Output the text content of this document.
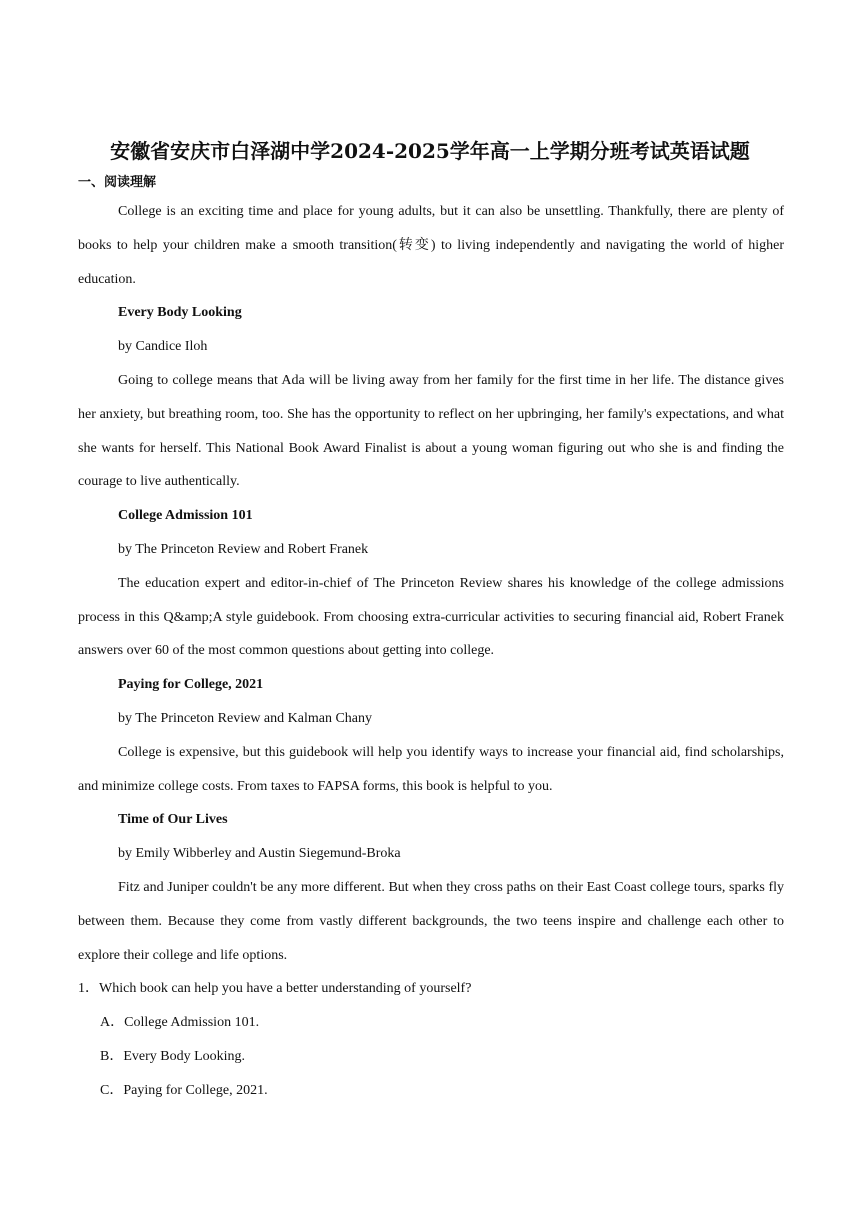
安徽省安庆市白泽湖中学2024-2025学年高一上学期分班考试英语试题
一、阅读理解

College is an exciting time and place for young adults, but it can also be unsettling. Thankfully, there are plenty of books to help your children make a smooth transition(转变) to living independently and navigating the world of higher education.

Every Body Looking

by Candice Iloh

Going to college means that Ada will be living away from her family for the first time in her life. The distance gives her anxiety, but breathing room, too. She has the opportunity to reflect on her upbringing, her family's expectations, and what she wants for herself. This National Book Award Finalist is about a young woman figuring out who she is and finding the courage to live authentically.

College Admission 101

by The Princeton Review and Robert Franek

The education expert and editor-in-chief of The Princeton Review shares his knowledge of the college admissions process in this Q&amp;A style guidebook. From choosing extra-curricular activities to securing financial aid, Robert Franek answers over 60 of the most common questions about getting into college.

Paying for College, 2021

by The Princeton Review and Kalman Chany

College is expensive, but this guidebook will help you identify ways to increase your financial aid, find scholarships, and minimize college costs. From taxes to FAPSA forms, this book is helpful to you.

Time of Our Lives

by Emily Wibberley and Austin Siegemund-Broka

Fitz and Juniper couldn't be any more different. But when they cross paths on their East Coast college tours, sparks fly between them. Because they come from vastly different backgrounds, the two teens inspire and challenge each other to explore their college and life options.

1．Which book can help you have a better understanding of yourself?

A．College Admission 101.

B．Every Body Looking.

C．Paying for College, 2021.
